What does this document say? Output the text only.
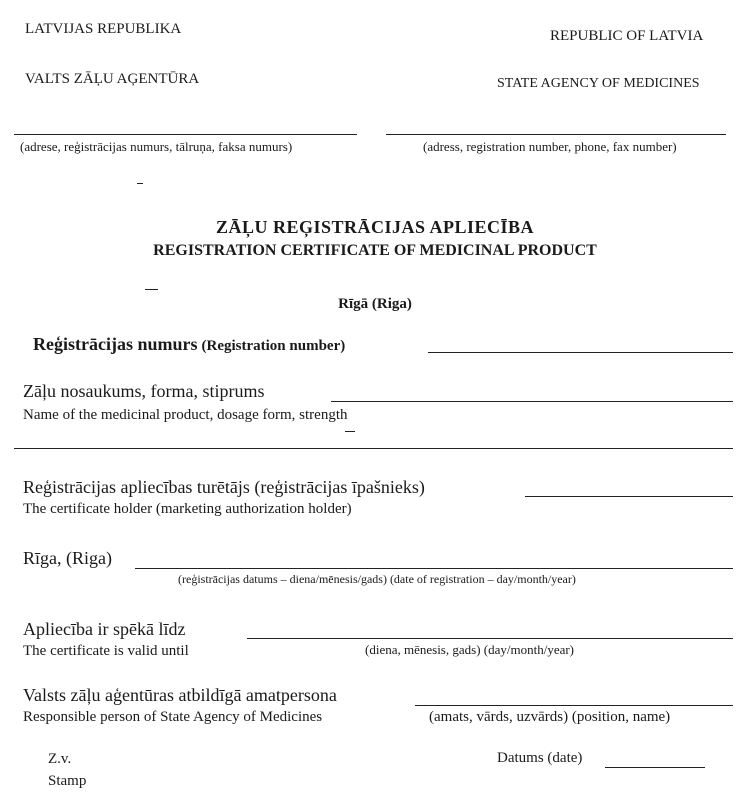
LATVIJAS REPUBLIKA	REPUBLIC OF LATVIA
VALTS ZĀĻU AĢENTŪRA	STATE AGENCY OF MEDICINES
(adrese, reģistrācijas numurs, tālruņa, faksa numurs)	(adress, registration number, phone, fax number)
ZĀĻU REĢISTRĀCIJAS APLIECĪBA
REGISTRATION CERTIFICATE OF MEDICINAL PRODUCT
Rīgā (Riga)
Reģistrācijas numurs (Registration number)
Zāļu nosaukums, forma, stiprums
Name of the medicinal product, dosage form, strength
Reģistrācijas apliecības turētājs (reģistrācijas īpašnieks)
The certificate holder (marketing authorization holder)
Rīga, (Riga)
(reģistrācijas datums – diena/mēnesis/gads) (date of registration – day/month/year)
Apliecība ir spēkā līdz
The certificate is valid until	(diena, mēnesis, gads) (day/month/year)
Valsts zāļu aģentūras atbildīgā amatpersona
Responsible person of State Agency of Medicines	(amats, vārds, uzvārds) (position, name)
Z.v.
Stamp
Datums (date)
